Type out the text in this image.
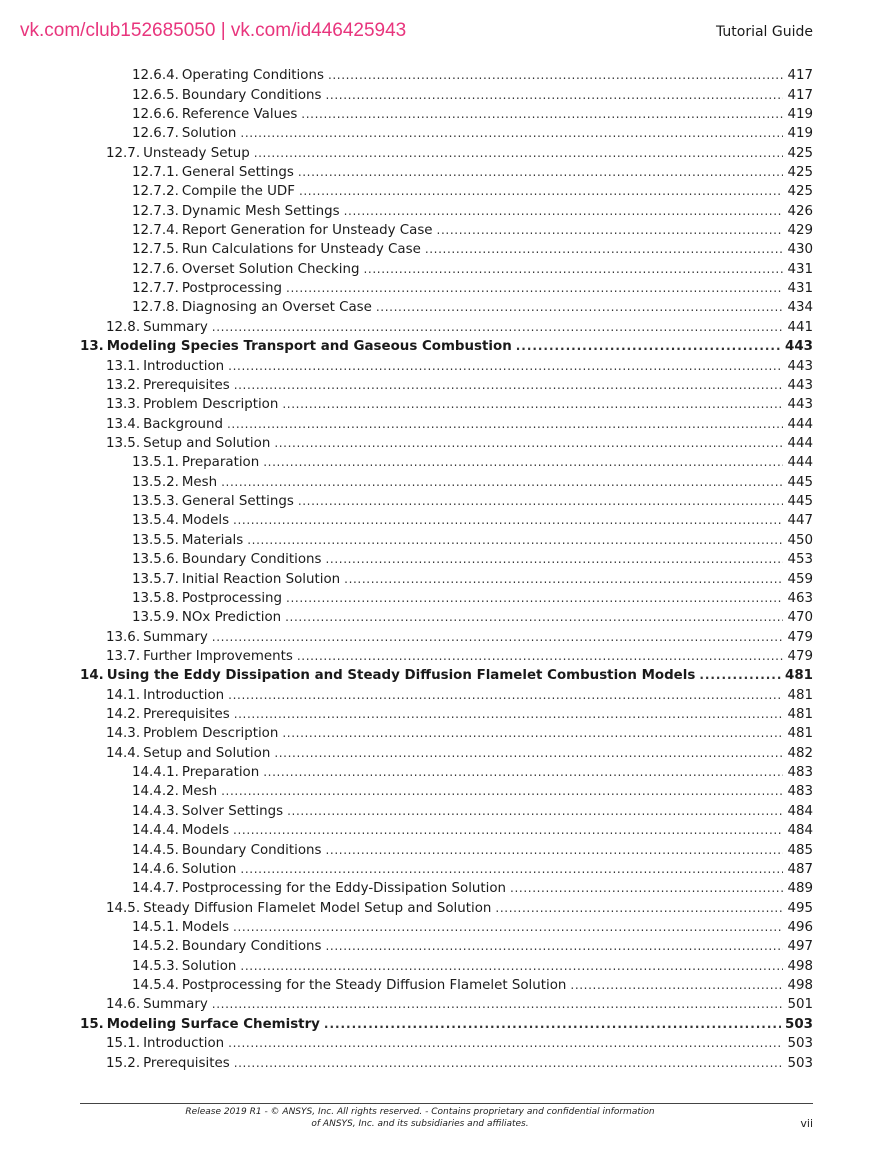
vk.com/club152685050 | vk.com/id446425943	Tutorial Guide
12.6.4. Operating Conditions . . .	417
12.6.5. Boundary Conditions . . .	417
12.6.6. Reference Values . . .	419
12.6.7. Solution . . .	419
12.7. Unsteady Setup . . .	425
12.7.1. General Settings . . .	425
12.7.2. Compile the UDF . . .	425
12.7.3. Dynamic Mesh Settings . . .	426
12.7.4. Report Generation for Unsteady Case . . .	429
12.7.5. Run Calculations for Unsteady Case . . .	430
12.7.6. Overset Solution Checking . . .	431
12.7.7. Postprocessing . . .	431
12.7.8. Diagnosing an Overset Case . . .	434
12.8. Summary . . .	441
13. Modeling Species Transport and Gaseous Combustion . . .	443
13.1. Introduction . . .	443
13.2. Prerequisites . . .	443
13.3. Problem Description . . .	443
13.4. Background . . .	444
13.5. Setup and Solution . . .	444
13.5.1. Preparation . . .	444
13.5.2. Mesh . . .	445
13.5.3. General Settings . . .	445
13.5.4. Models . . .	447
13.5.5. Materials . . .	450
13.5.6. Boundary Conditions . . .	453
13.5.7. Initial Reaction Solution . . .	459
13.5.8. Postprocessing . . .	463
13.5.9. NOx Prediction . . .	470
13.6. Summary . . .	479
13.7. Further Improvements . . .	479
14. Using the Eddy Dissipation and Steady Diffusion Flamelet Combustion Models . . .	481
14.1. Introduction . . .	481
14.2. Prerequisites . . .	481
14.3. Problem Description . . .	481
14.4. Setup and Solution . . .	482
14.4.1. Preparation . . .	483
14.4.2. Mesh . . .	483
14.4.3. Solver Settings . . .	484
14.4.4. Models . . .	484
14.4.5. Boundary Conditions . . .	485
14.4.6. Solution . . .	487
14.4.7. Postprocessing for the Eddy-Dissipation Solution . . .	489
14.5. Steady Diffusion Flamelet Model Setup and Solution . . .	495
14.5.1. Models . . .	496
14.5.2. Boundary Conditions . . .	497
14.5.3. Solution . . .	498
14.5.4. Postprocessing for the Steady Diffusion Flamelet Solution . . .	498
14.6. Summary . . .	501
15. Modeling Surface Chemistry . . .	503
15.1. Introduction . . .	503
15.2. Prerequisites . . .	503
Release 2019 R1 - © ANSYS, Inc. All rights reserved. - Contains proprietary and confidential information
of ANSYS, Inc. and its subsidiaries and affiliates.	vii
